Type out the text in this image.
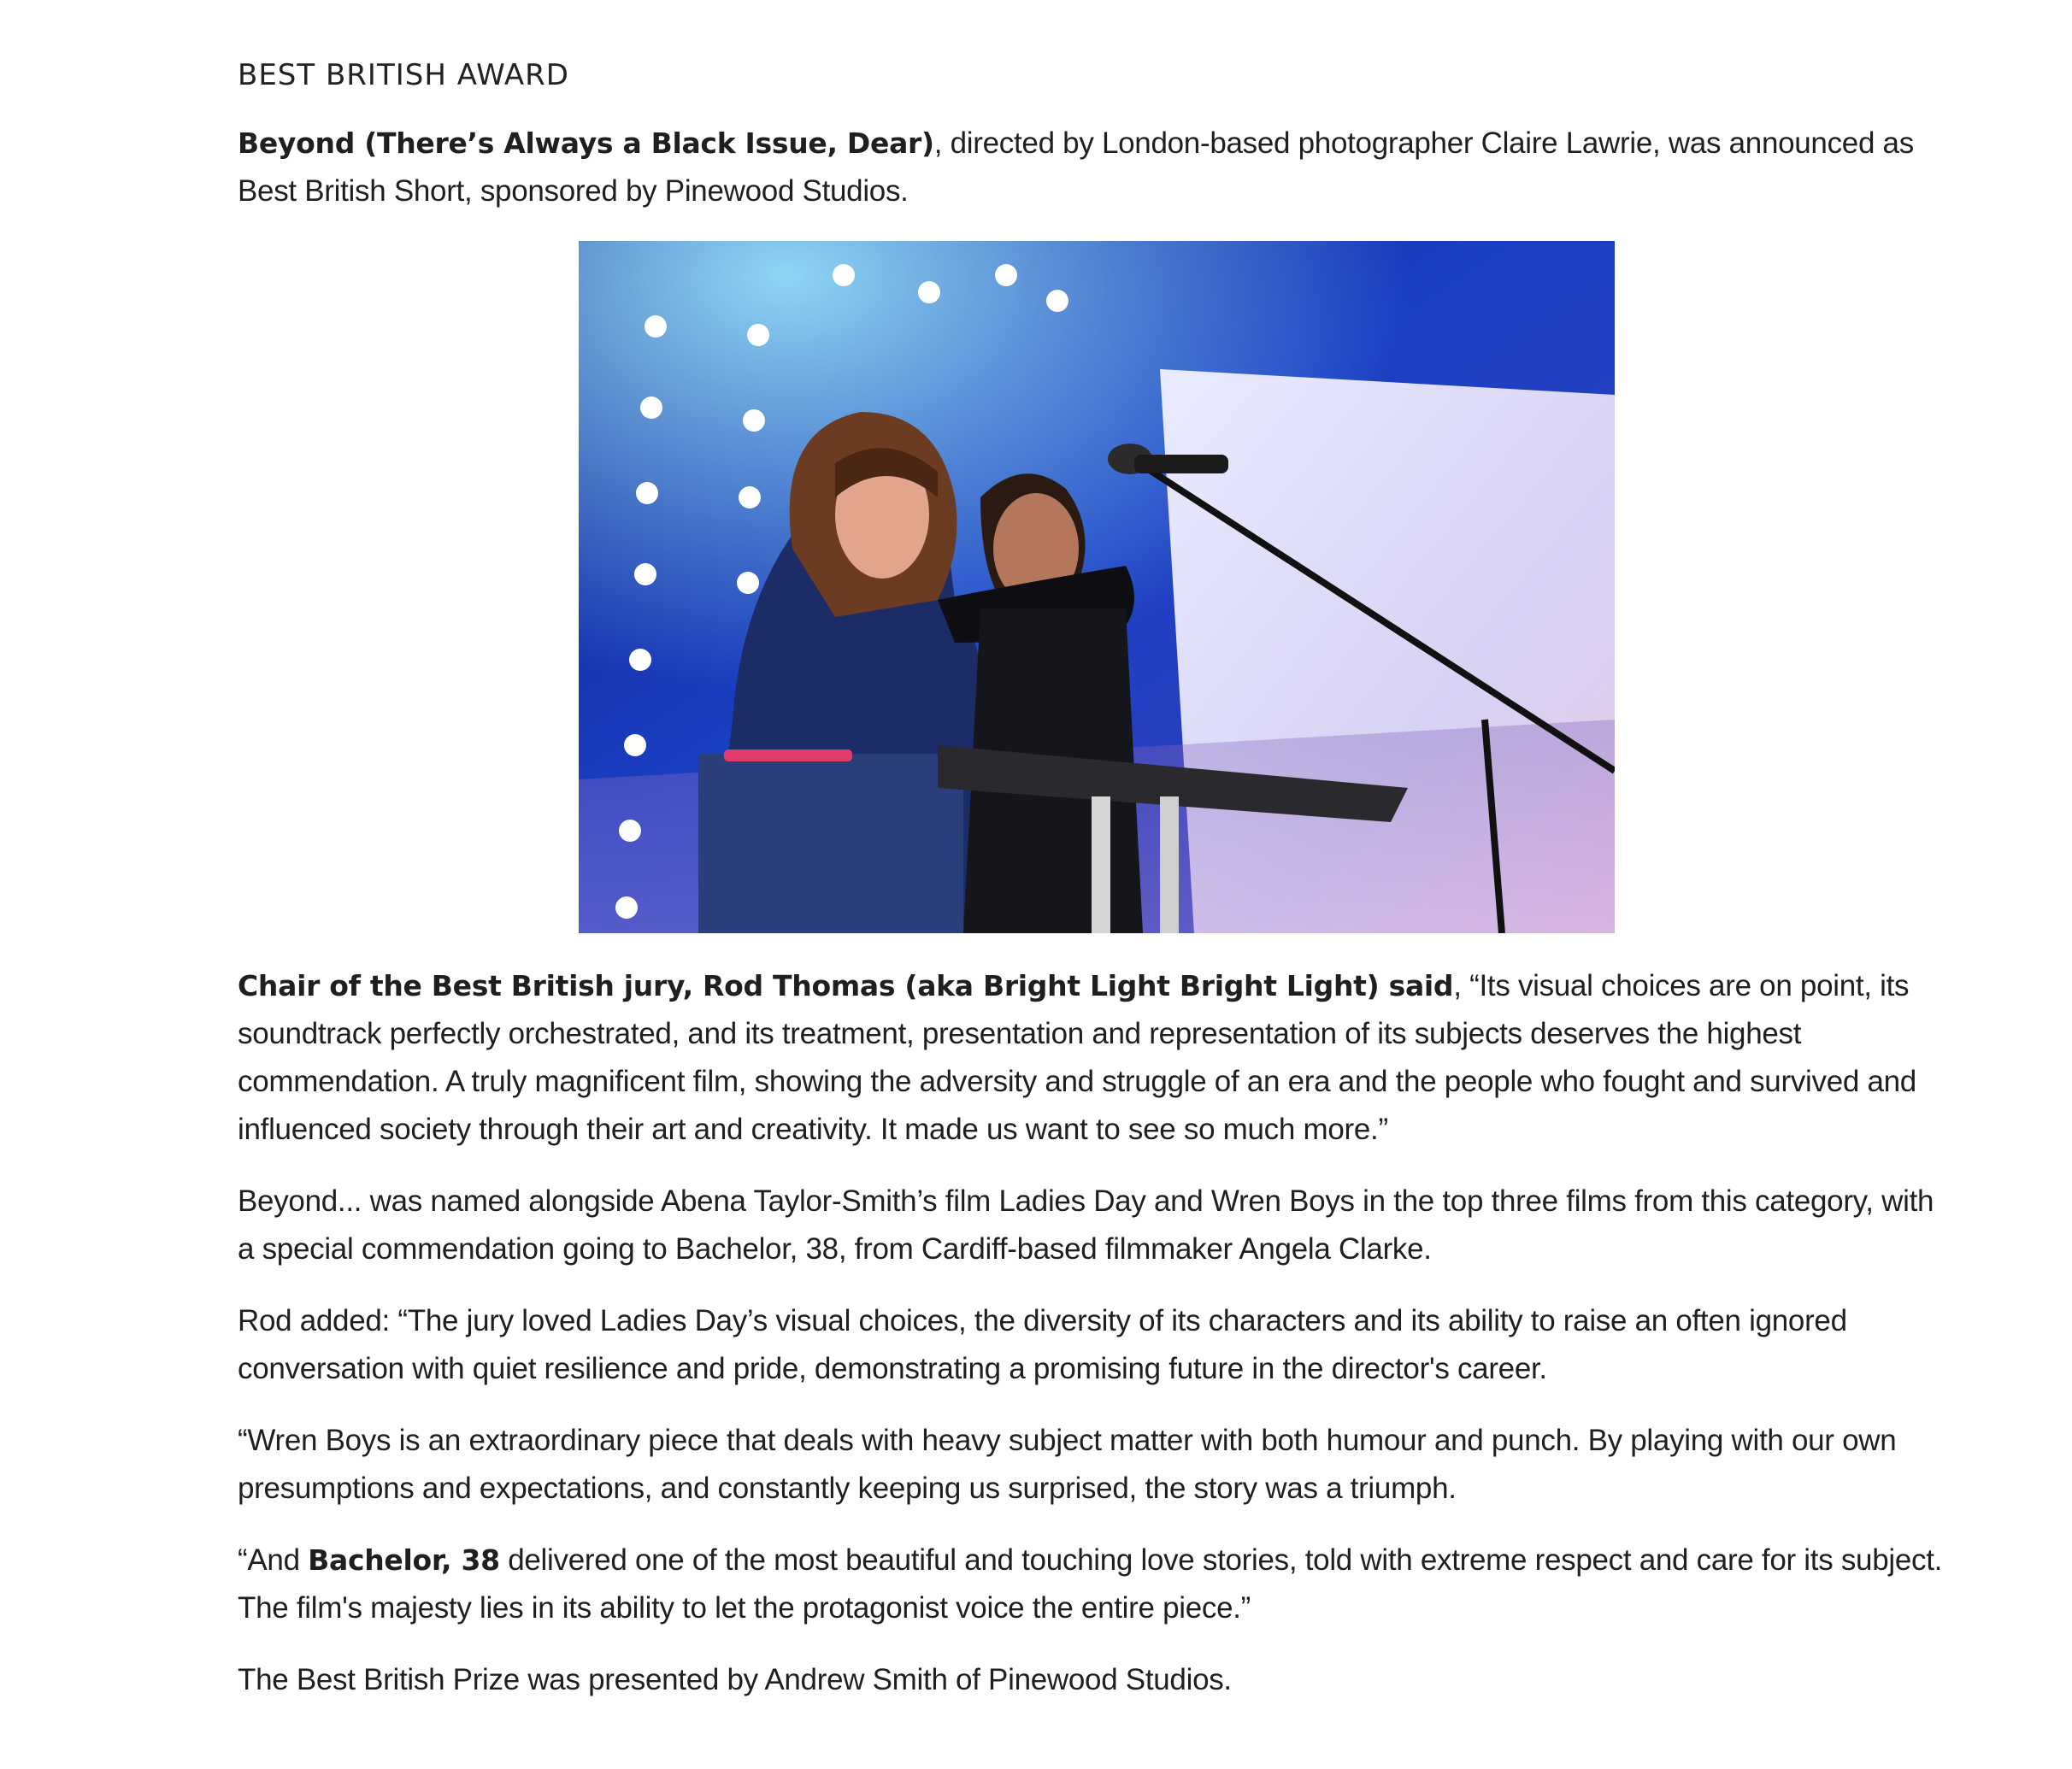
BEST BRITISH AWARD

Beyond (There’s Always a Black Issue, Dear), directed by London-based photographer Claire Lawrie, was announced as Best British Short, sponsored by Pinewood Studios.

Chair of the Best British jury, Rod Thomas (aka Bright Light Bright Light) said, “Its visual choices are on point, its soundtrack perfectly orchestrated, and its treatment, presentation and representation of its subjects deserves the highest commendation. A truly magnificent film, showing the adversity and struggle of an era and the people who fought and survived and influenced society through their art and creativity. It made us want to see so much more.”

Beyond... was named alongside Abena Taylor-Smith’s film Ladies Day and Wren Boys in the top three films from this category, with a special commendation going to Bachelor, 38, from Cardiff-based filmmaker Angela Clarke.

Rod added: “The jury loved Ladies Day’s visual choices, the diversity of its characters and its ability to raise an often ignored conversation with quiet resilience and pride, demonstrating a promising future in the director's career.

“Wren Boys is an extraordinary piece that deals with heavy subject matter with both humour and punch. By playing with our own presumptions and expectations, and constantly keeping us surprised, the story was a triumph.

“And Bachelor, 38 delivered one of the most beautiful and touching love stories, told with extreme respect and care for its subject. The film's majesty lies in its ability to let the protagonist voice the entire piece.”

The Best British Prize was presented by Andrew Smith of Pinewood Studios.
